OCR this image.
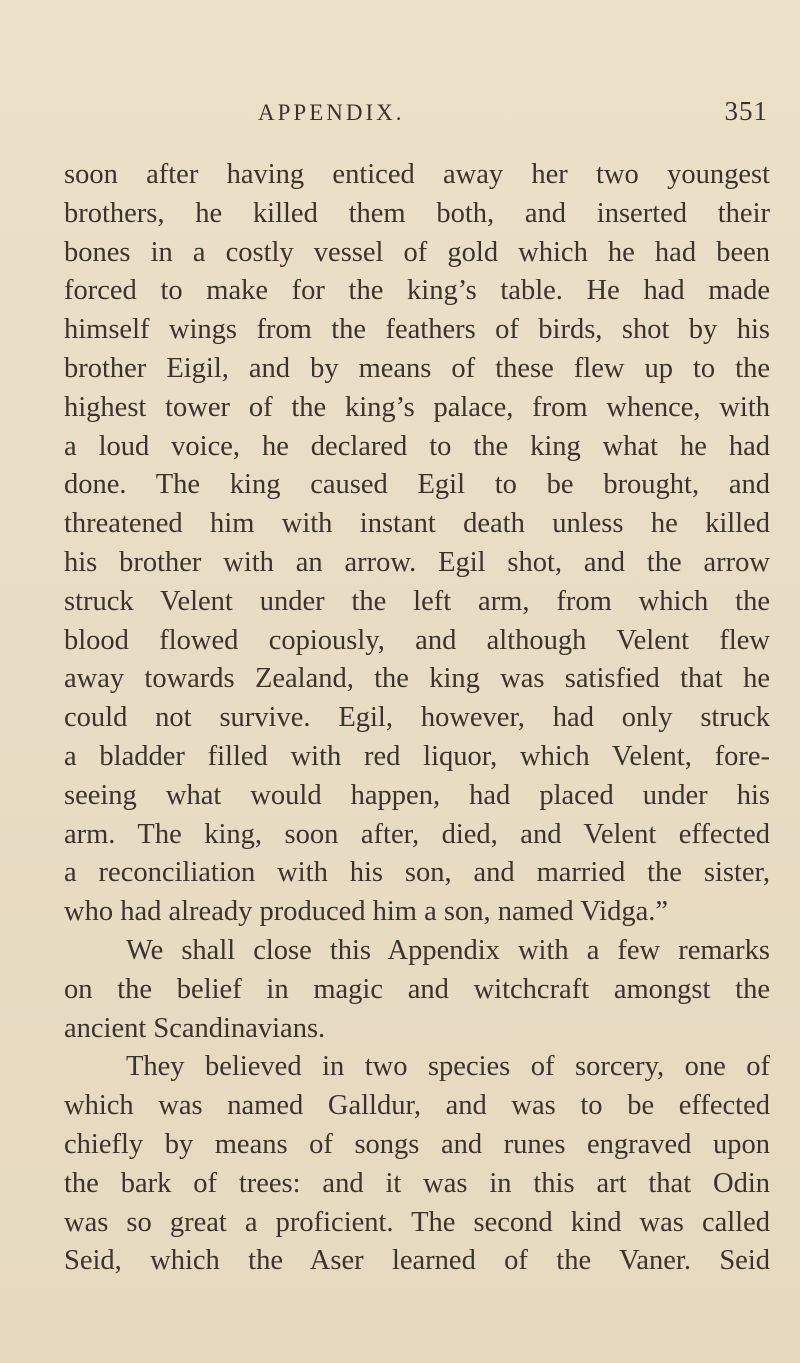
APPENDIX.	351
soon after having enticed away her two youngest
brothers, he killed them both, and inserted their
bones in a costly vessel of gold which he had been
forced to make for the king’s table. He had made
himself wings from the feathers of birds, shot by his
brother Eigil, and by means of these flew up to the
highest tower of the king’s palace, from whence, with
a loud voice, he declared to the king what he had
done. The king caused Egil to be brought, and
threatened him with instant death unless he killed
his brother with an arrow. Egil shot, and the arrow
struck Velent under the left arm, from which the
blood flowed copiously, and although Velent flew
away towards Zealand, the king was satisfied that he
could not survive. Egil, however, had only struck
a bladder filled with red liquor, which Velent, fore-
seeing what would happen, had placed under his
arm. The king, soon after, died, and Velent effected
a reconciliation with his son, and married the sister,
who had already produced him a son, named Vidga.”
We shall close this Appendix with a few remarks
on the belief in magic and witchcraft amongst the
ancient Scandinavians.
They believed in two species of sorcery, one of
which was named Galldur, and was to be effected
chiefly by means of songs and runes engraved upon
the bark of trees: and it was in this art that Odin
was so great a proficient. The second kind was called
Seid, which the Aser learned of the Vaner. Seid
